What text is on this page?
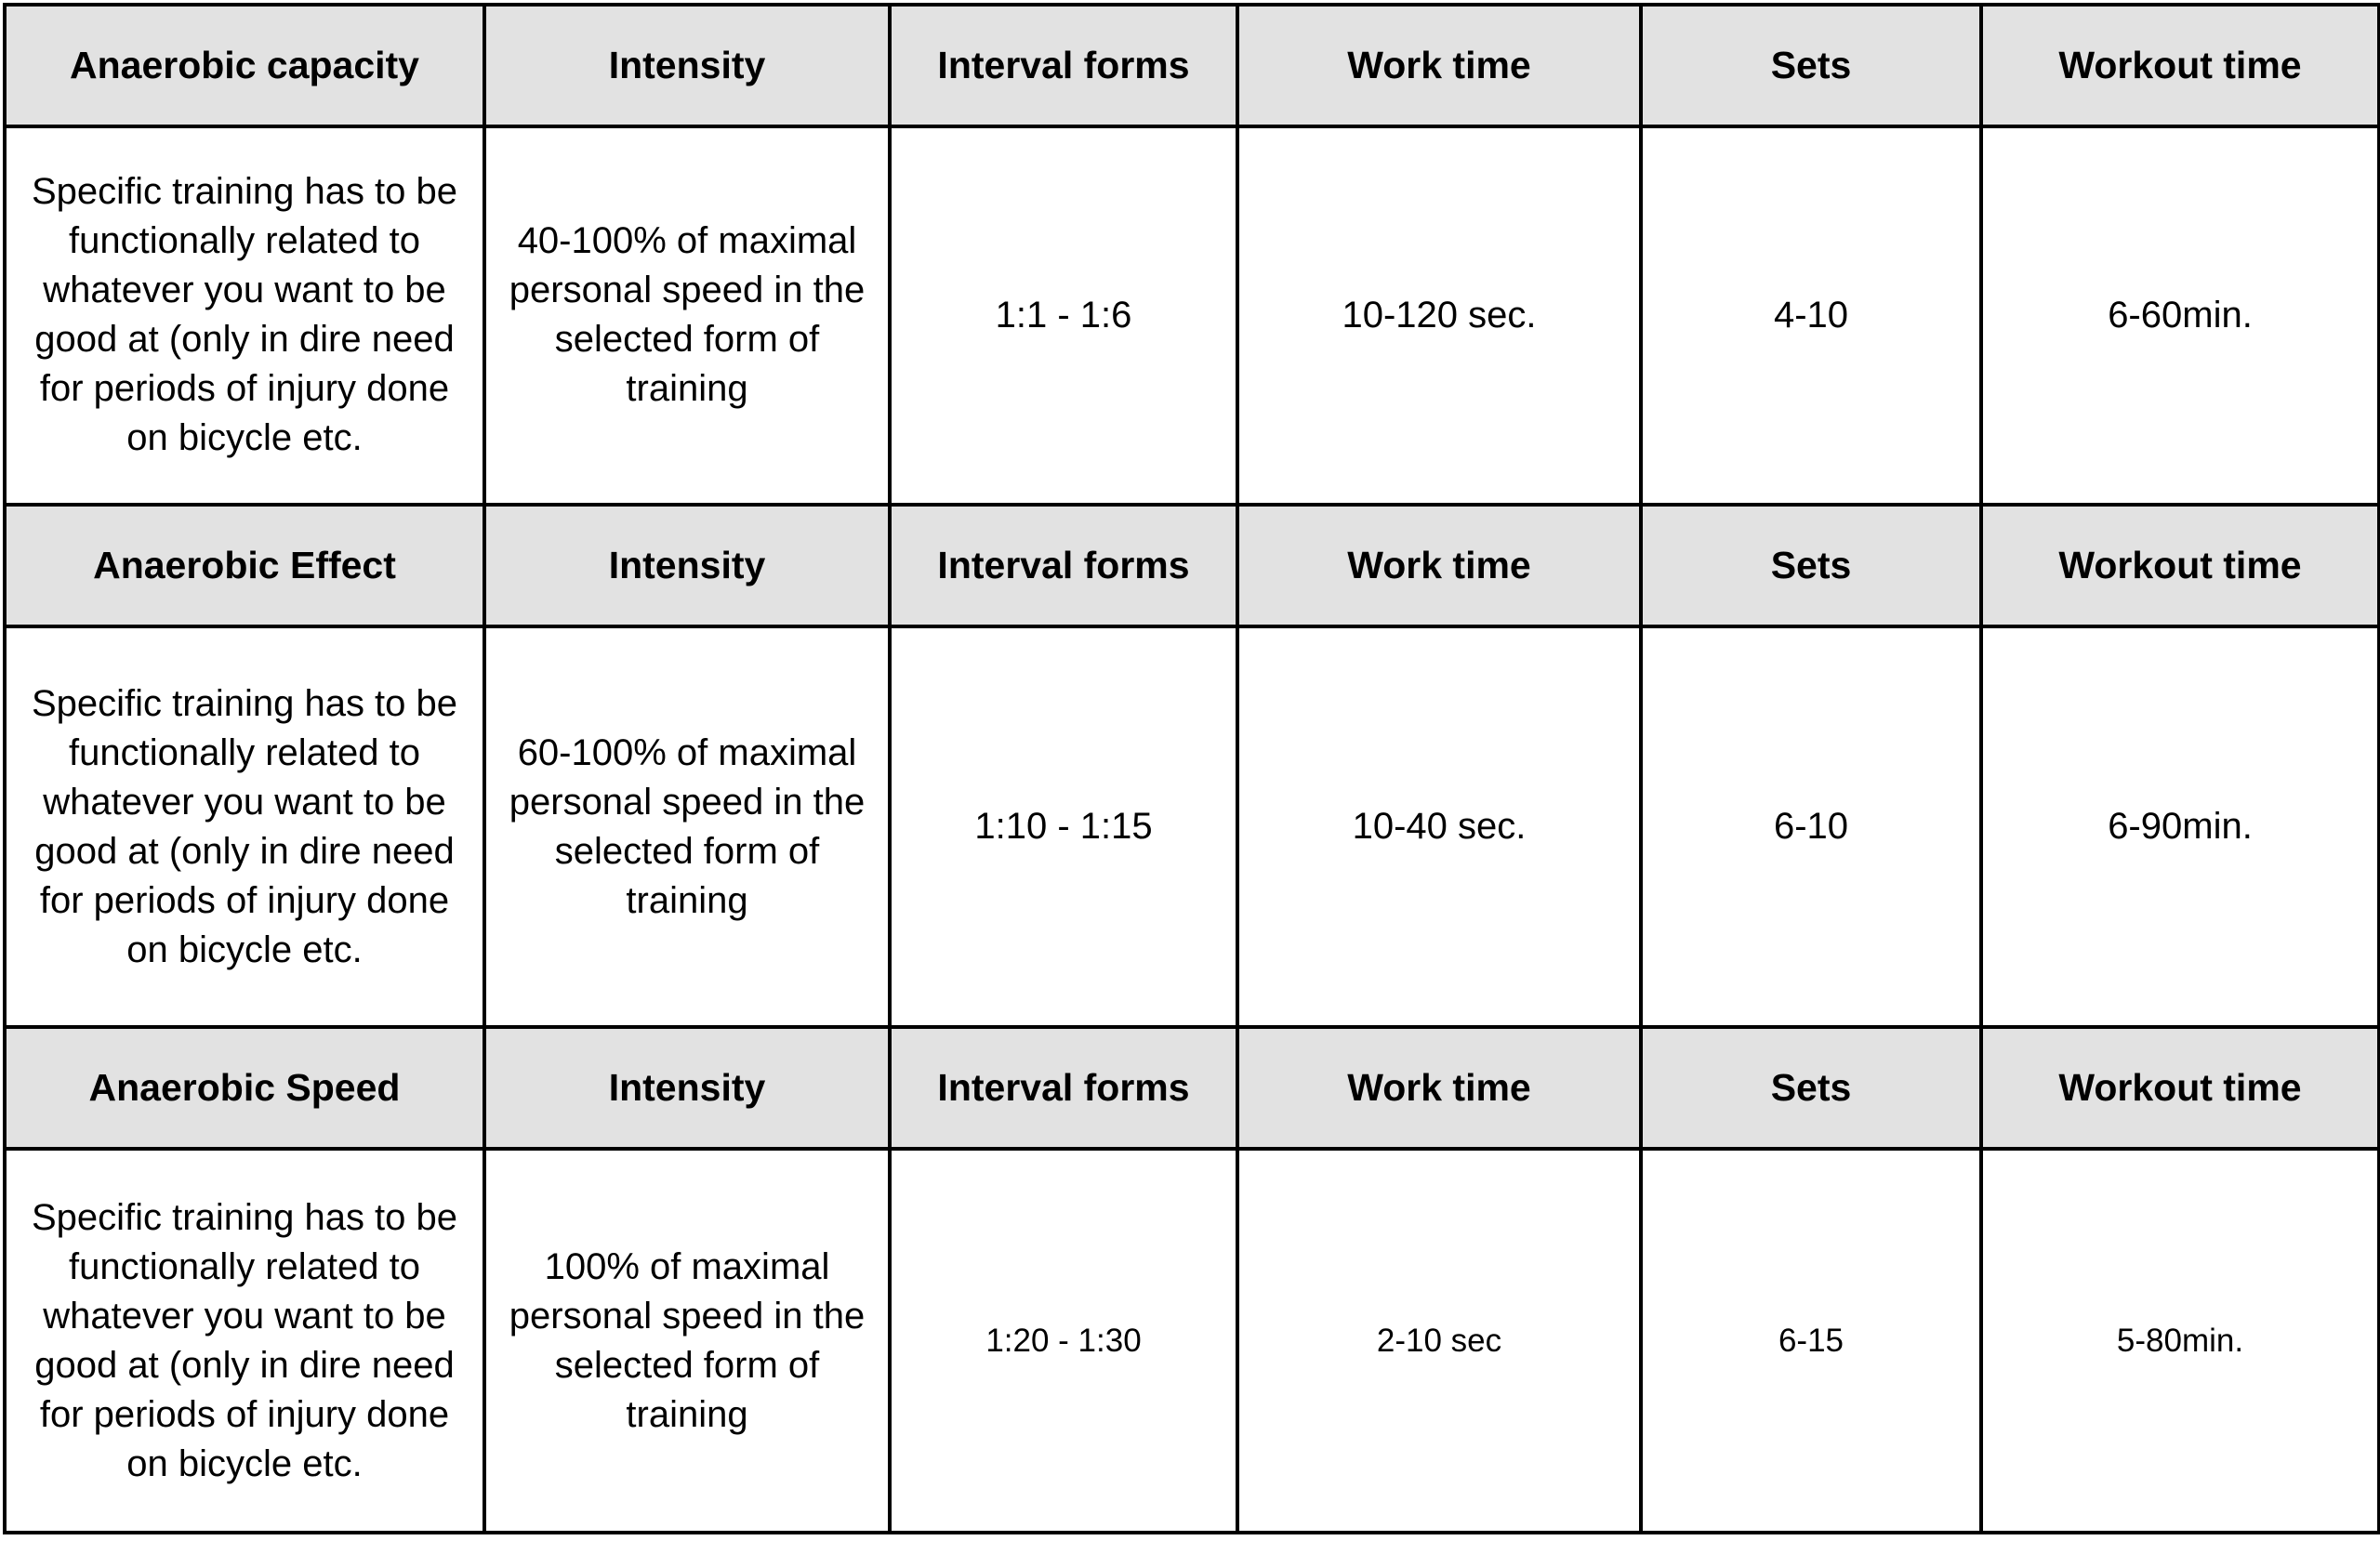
Anaerobic capacity	Intensity	Interval forms	Work time	Sets	Workout time
Specific training has to be functionally related to whatever you want to be good at (only in dire need for periods of injury done on bicycle etc.	40-100% of maximal personal speed in the selected form of training	1:1 - 1:6	10-120 sec.	4-10	6-60min.
Anaerobic Effect	Intensity	Interval forms	Work time	Sets	Workout time
Specific training has to be functionally related to whatever you want to be good at (only in dire need for periods of injury done on bicycle etc.	60-100% of maximal personal speed in the selected form of training	1:10 - 1:15	10-40 sec.	6-10	6-90min.
Anaerobic Speed	Intensity	Interval forms	Work time	Sets	Workout time
Specific training has to be functionally related to whatever you want to be good at (only in dire need for periods of injury done on bicycle etc.	100% of maximal personal speed in the selected form of training	1:20 - 1:30	2-10 sec	6-15	5-80min.
